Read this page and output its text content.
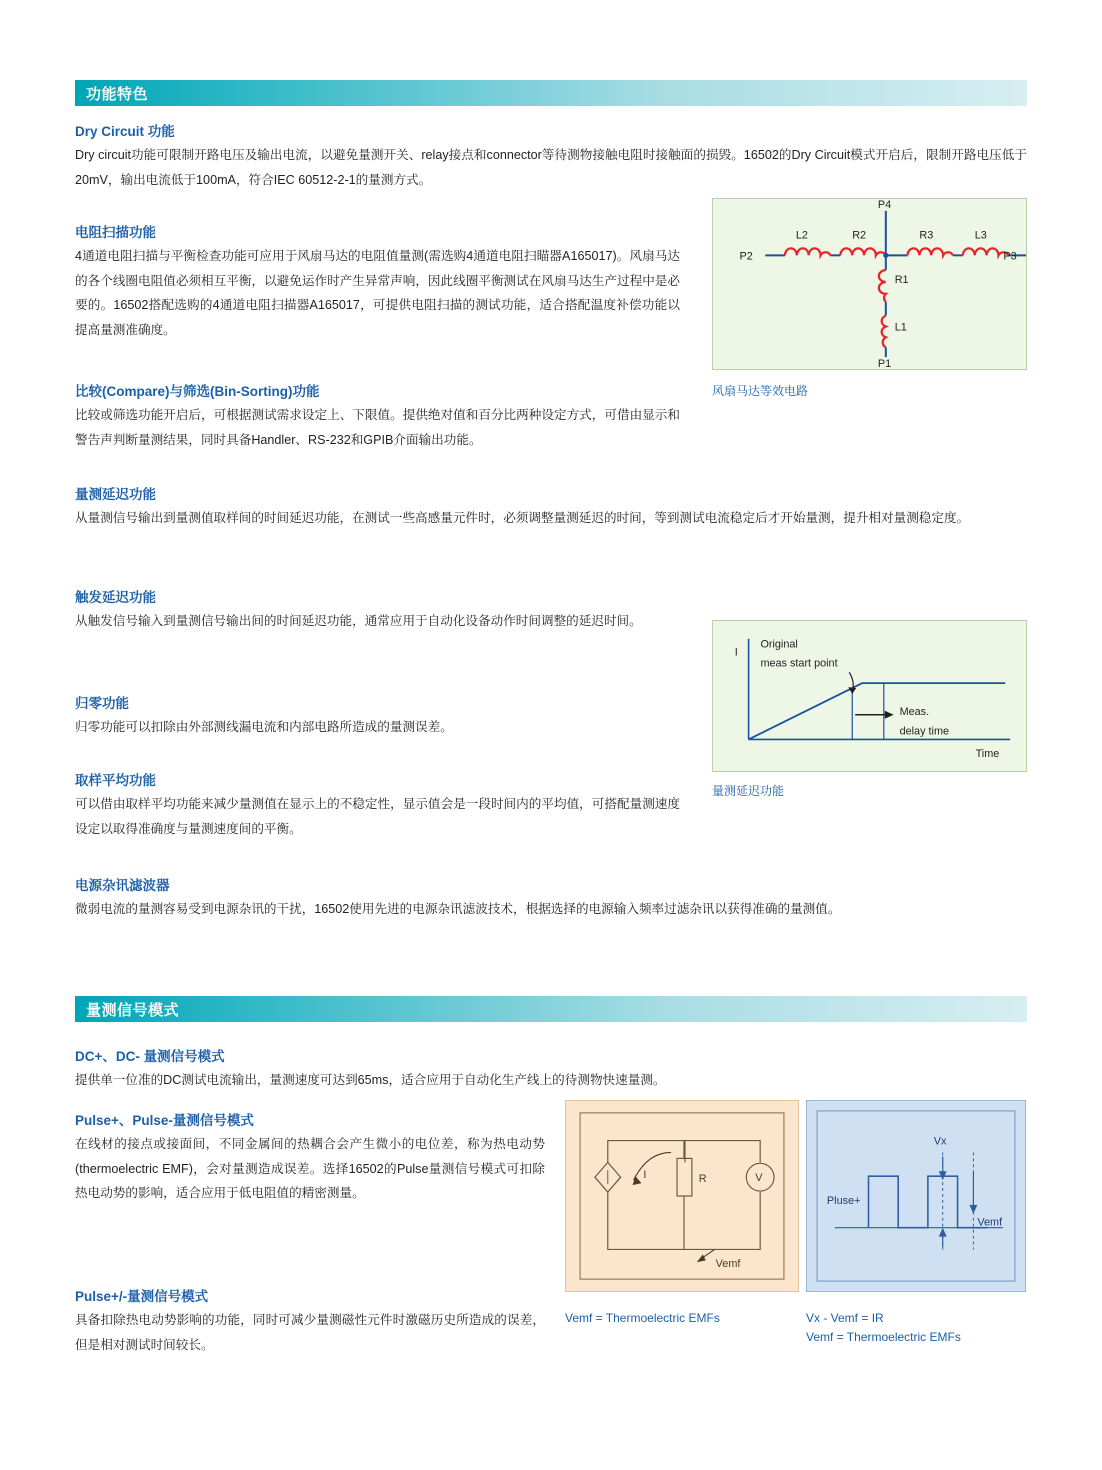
功能特色
Dry Circuit 功能
Dry circuit功能可限制开路电压及输出电流，以避免量测开关、relay接点和connector等待测物接触电阻时接触面的损毁。16502的Dry Circuit模式开启后，限制开路电压低于20mV，输出电流低于100mA，符合IEC 60512-2-1的量测方式。
电阻扫描功能
4通道电阻扫描与平衡检查功能可应用于风扇马达的电阻值量测(需选购4通道电阻扫瞄器A165017)。风扇马达的各个线圈电阻值必须相互平衡，以避免运作时产生异常声响，因此线圈平衡测试在风扇马达生产过程中是必要的。16502搭配选购的4通道电阻扫描器A165017，可提供电阻扫描的测试功能，适合搭配温度补偿功能以提高量测准确度。
比较(Compare)与筛选(Bin-Sorting)功能
比较或筛选功能开启后，可根据测试需求设定上、下限值。提供绝对值和百分比两种设定方式，可借由显示和警告声判断量测结果，同时具备Handler、RS-232和GPIB介面输出功能。
量测延迟功能
从量测信号输出到量测值取样间的时间延迟功能，在测试一些高感量元件时，必须调整量测延迟的时间，等到测试电流稳定后才开始量测，提升相对量测稳定度。
触发延迟功能
从触发信号输入到量测信号输出间的时间延迟功能，通常应用于自动化设备动作时间调整的延迟时间。
归零功能
归零功能可以扣除由外部测线漏电流和内部电路所造成的量测误差。
取样平均功能
可以借由取样平均功能来减少量测值在显示上的不稳定性，显示值会是一段时间内的平均值，可搭配量测速度设定以取得准确度与量测速度间的平衡。
电源杂讯滤波器
微弱电流的量测容易受到电源杂讯的干扰，16502使用先进的电源杂讯滤波技术，根据选择的电源输入频率过滤杂讯以获得准确的量测值。
P2	P3
P4
P1
R1
L1
L2	R2	R3	L3
风扇马达等效电路
I
Original
meas start point
Meas.
delay time
Time
量测延迟功能
量测信号模式
DC+、DC- 量测信号模式
提供单一位准的DC测试电流输出，量测速度可达到65ms，适合应用于自动化生产线上的待测物快速量测。
Pulse+、Pulse-量测信号模式
在线材的接点或接面间，不同金属间的热耦合会产生微小的电位差，称为热电动势(thermoelectric EMF)，会对量测造成误差。选择16502的Pulse量测信号模式可扣除热电动势的影响，适合应用于低电阻值的精密测量。
Pulse+/-量测信号模式
具备扣除热电动势影响的功能，同时可减少量测磁性元件时激磁历史所造成的误差，但是相对测试时间较长。
V
R
I
Vemf
Vemf = Thermoelectric EMFs
Vx
Pluse+
Vemf
Vx - Vemf = IR
Vemf = Thermoelectric EMFs
